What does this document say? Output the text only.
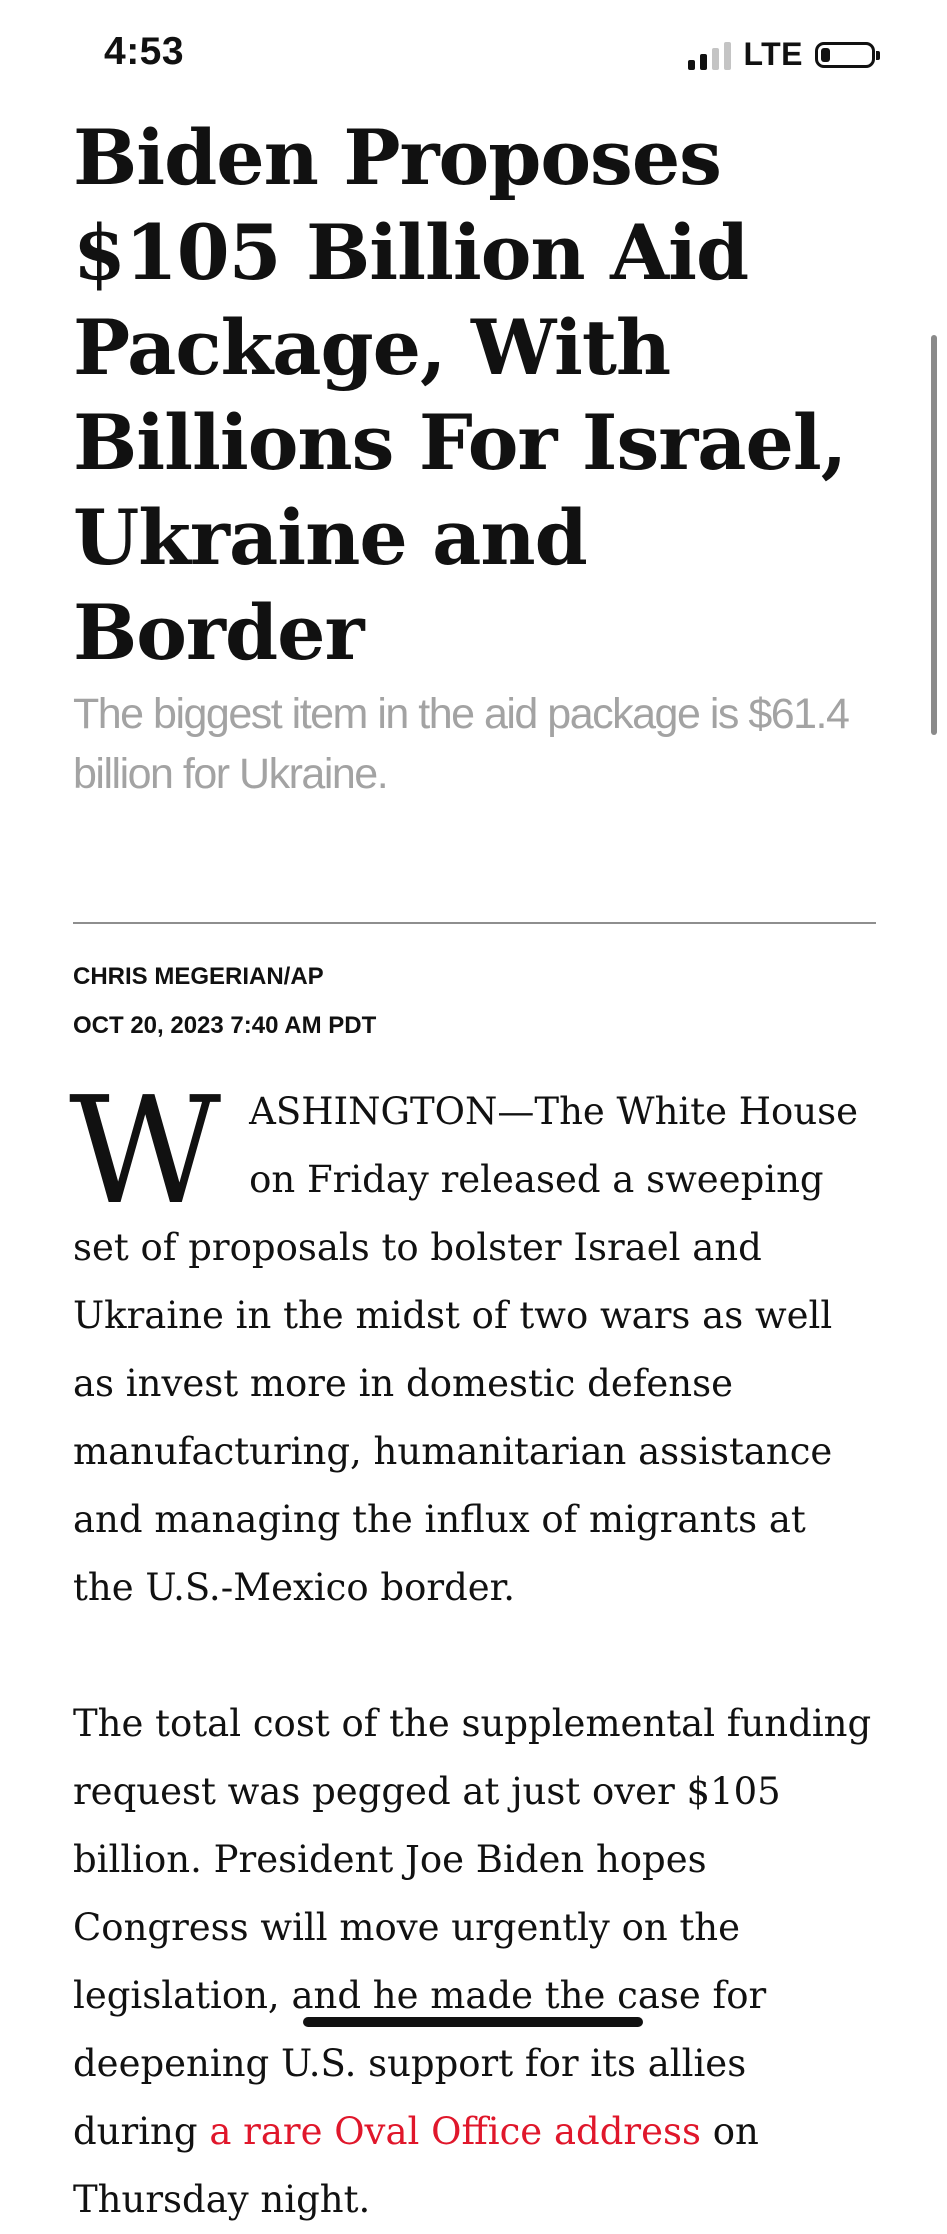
4:53	LTE
Biden Proposes $105 Billion Aid Package, With Billions For Israel, Ukraine and Border

The biggest item in the aid package is $61.4 billion for Ukraine.

CHRIS MEGERIAN/AP
OCT 20, 2023 7:40 AM PDT

WASHINGTON—The White House on Friday released a sweeping set of proposals to bolster Israel and Ukraine in the midst of two wars as well as invest more in domestic defense manufacturing, humanitarian assistance and managing the influx of migrants at the U.S.-Mexico border.

The total cost of the supplemental funding request was pegged at just over $105 billion. President Joe Biden hopes Congress will move urgently on the legislation, and he made the case for deepening U.S. support for its allies during a rare Oval Office address on Thursday night.
